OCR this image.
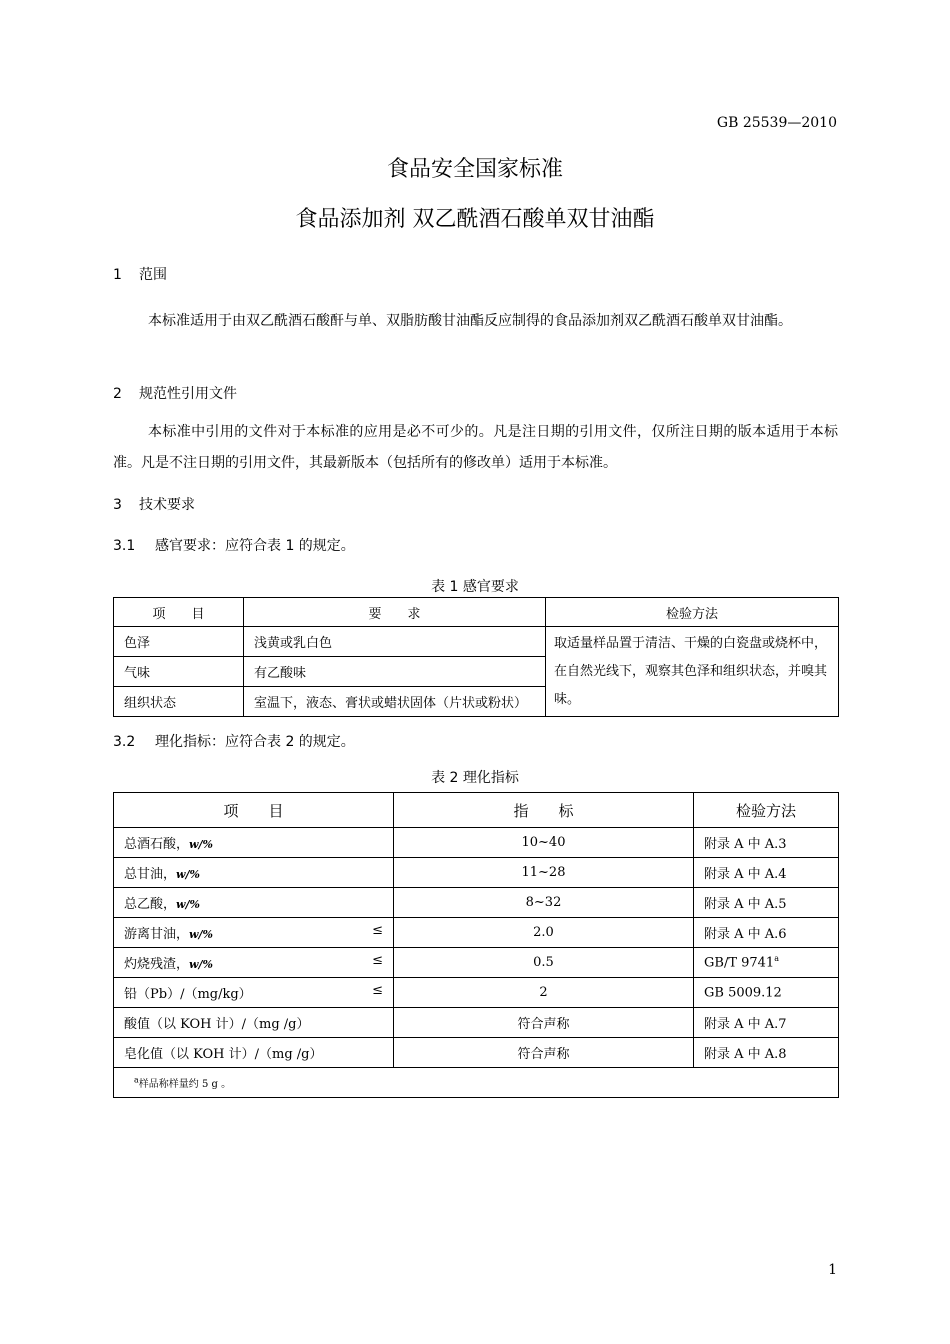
GB 25539—2010
食品安全国家标准
食品添加剂 双乙酰酒石酸单双甘油酯
1 范围
本标准适用于由双乙酰酒石酸酐与单、双脂肪酸甘油酯反应制得的食品添加剂双乙酰酒石酸单双甘油酯。
2 规范性引用文件
本标准中引用的文件对于本标准的应用是必不可少的。凡是注日期的引用文件，仅所注日期的版本适用于本标准。凡是不注日期的引用文件，其最新版本（包括所有的修改单）适用于本标准。
3 技术要求
3.1 感官要求：应符合表 1 的规定。
表 1 感官要求
项　　目	要　　求	检验方法
色泽	浅黄或乳白色	取适量样品置于清洁、干燥的白瓷盘或烧杯中，在自然光线下，观察其色泽和组织状态，并嗅其味。
气味	有乙酸味	
组织状态	室温下，液态、膏状或蜡状固体（片状或粉状）	
3.2 理化指标：应符合表 2 的规定。
表 2 理化指标
项　　目	指　　标	检验方法

总酒石酸，w/%	10~40	附录 A 中 A.3

总甘油，w/%	11~28	附录 A 中 A.4

总乙酸，w/%	8~32	附录 A 中 A.5

游离甘油，w/% ≤	2.0	附录 A 中 A.6

灼烧残渣，w/% ≤	0.5	GB/T 9741$^a$

铅（Pb）/（mg/kg） ≤	2	GB 5009.12

酸值（以 KOH 计）/（mg /g）	符合声称	附录 A 中 A.7

皂化值（以 KOH 计）/（mg /g）	符合声称	附录 A 中 A.8
$^a$样品称样量约 5 g 。		
1
